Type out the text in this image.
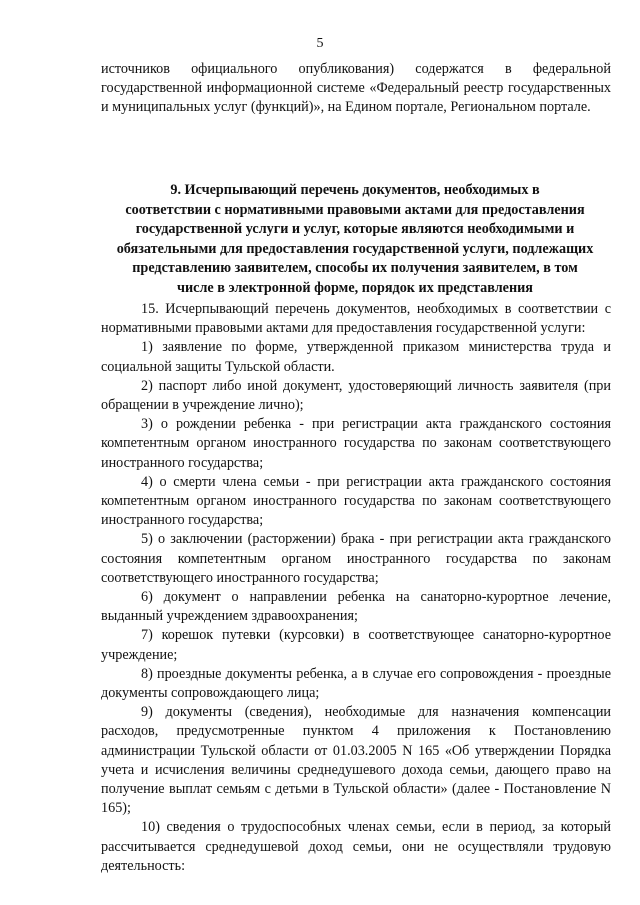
5
источников официального опубликования) содержатся в федеральной государственной информационной системе «Федеральный реестр государственных и муниципальных услуг (функций)», на Едином портале, Региональном портале.
9. Исчерпывающий перечень документов, необходимых в
соответствии с нормативными правовыми актами для предоставления
государственной услуги и услуг, которые являются необходимыми и
обязательными для предоставления государственной услуги, подлежащих
представлению заявителем, способы их получения заявителем, в том
числе в электронной форме, порядок их представления

15. Исчерпывающий перечень документов, необходимых в соответствии с нормативными правовыми актами для предоставления государственной услуги:

1) заявление по форме, утвержденной приказом министерства труда и социальной защиты Тульской области.

2) паспорт либо иной документ, удостоверяющий личность заявителя (при обращении в учреждение лично);

3) о рождении ребенка - при регистрации акта гражданского состояния компетентным органом иностранного государства по законам соответствующего иностранного государства;

4) о смерти члена семьи - при регистрации акта гражданского состояния компетентным органом иностранного государства по законам соответствующего иностранного государства;

5) о заключении (расторжении) брака - при регистрации акта гражданского состояния компетентным органом иностранного государства по законам соответствующего иностранного государства;

6) документ о направлении ребенка на санаторно-курортное лечение, выданный учреждением здравоохранения;

7) корешок путевки (курсовки) в соответствующее санаторно-курортное учреждение;

8) проездные документы ребенка, а в случае его сопровождения - проездные документы сопровождающего лица;

9) документы (сведения), необходимые для назначения компенсации расходов, предусмотренные пунктом 4 приложения к Постановлению администрации Тульской области от 01.03.2005 N 165 «Об утверждении Порядка учета и исчисления величины среднедушевого дохода семьи, дающего право на получение выплат семьям с детьми в Тульской области» (далее - Постановление N 165);

10) сведения о трудоспособных членах семьи, если в период, за который рассчитывается среднедушевой доход семьи, они не осуществляли трудовую деятельность:
